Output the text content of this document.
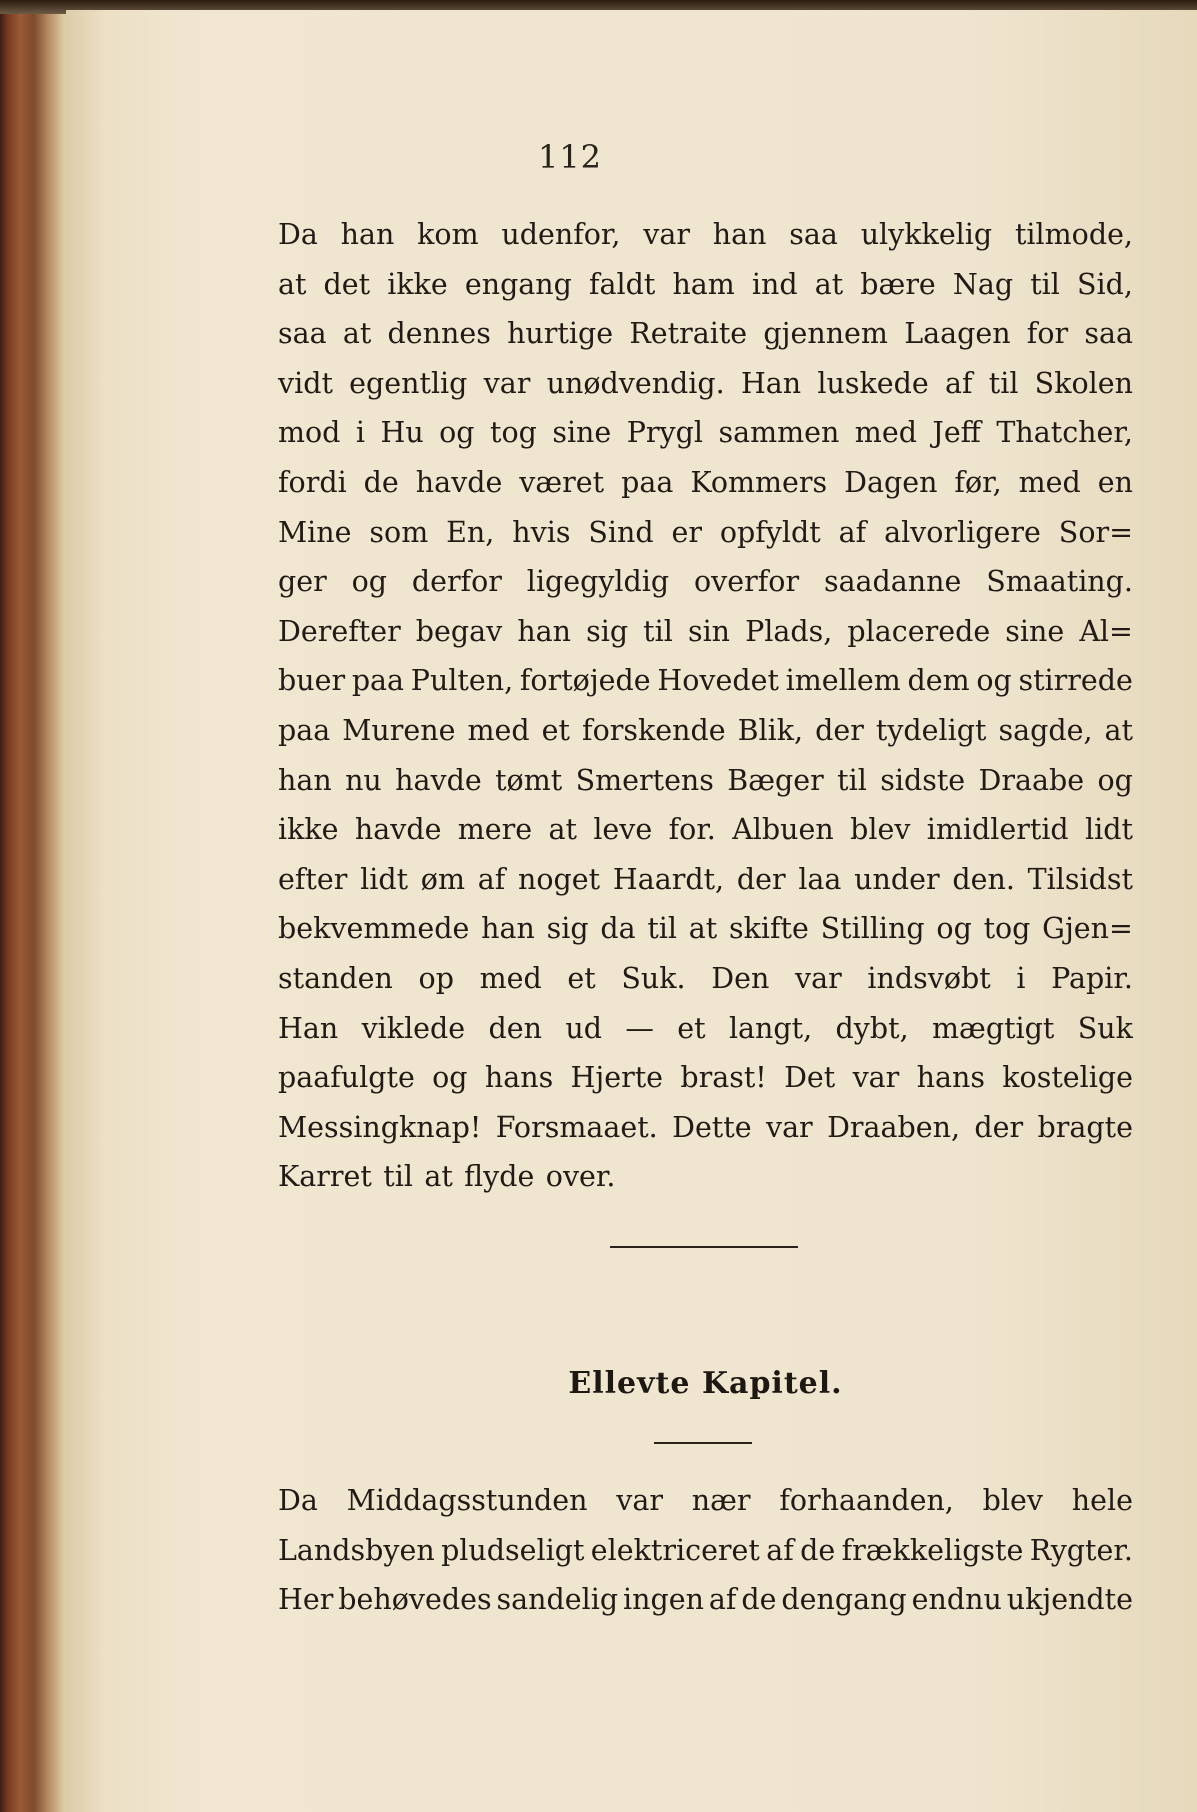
112
Da han kom udenfor, var han saa ulykkelig tilmode,
at det ikke engang faldt ham ind at bære Nag til Sid,
saa at dennes hurtige Retraite gjennem Laagen for saa
vidt egentlig var unødvendig. Han luskede af til Skolen
mod i Hu og tog sine Prygl sammen med Jeff Thatcher,
fordi de havde været paa Kommers Dagen før, med en
Mine som En, hvis Sind er opfyldt af alvorligere Sor=
ger og derfor ligegyldig overfor saadanne Smaating.
Derefter begav han sig til sin Plads, placerede sine Al=
buer paa Pulten, fortøjede Hovedet imellem dem og stirrede
paa Murene med et forskende Blik, der tydeligt sagde, at
han nu havde tømt Smertens Bæger til sidste Draabe og
ikke havde mere at leve for. Albuen blev imidlertid lidt
efter lidt øm af noget Haardt, der laa under den. Tilsidst
bekvemmede han sig da til at skifte Stilling og tog Gjen=
standen op med et Suk. Den var indsvøbt i Papir.
Han viklede den ud — et langt, dybt, mægtigt Suk
paafulgte og hans Hjerte brast! Det var hans kostelige
Messingknap! Forsmaaet. Dette var Draaben, der bragte
Karret til at flyde over.
Ellevte Kapitel.
Da Middagsstunden var nær forhaanden, blev hele
Landsbyen pludseligt elektriceret af de frækkeligste Rygter.
Her behøvedes sandelig ingen af de dengang endnu ukjendte
